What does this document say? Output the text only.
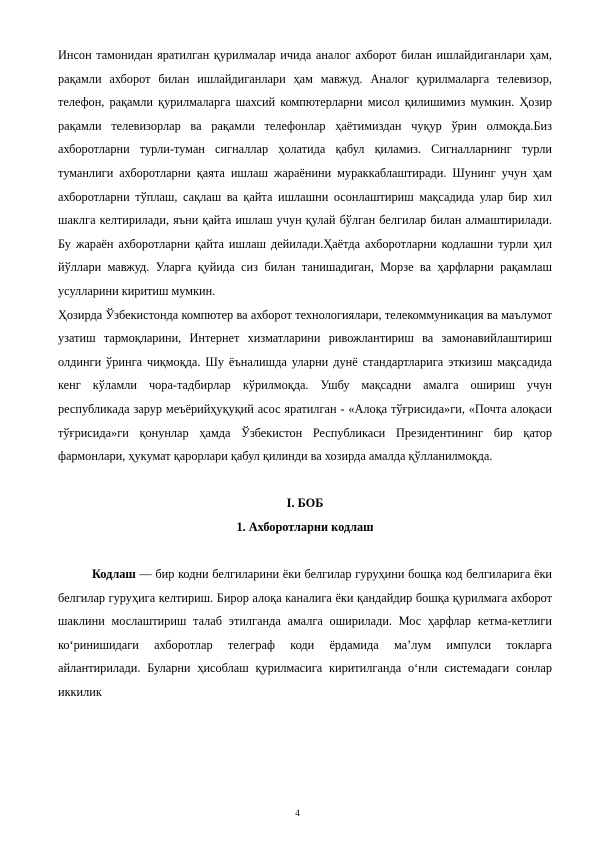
Инсон тамонидан яратилган қурилмалар ичида аналог ахборот билан ишлайдиганлари ҳам, рақамли ахборот билан ишлайдиганлари ҳам мавжуд. Аналог қурилмаларга телевизор, телефон, рақамли қурилмаларга шахсий компютерларни мисол қилишимиз мумкин. Ҳозир рақамли телевизорлар ва рақамли телефонлар ҳаётимиздан чуқур ўрин олмоқда.Биз ахборотларни турли-туман сигналлар ҳолатида қабул қиламиз. Сигналларнинг турли туманлиги ахборотларни қаята ишлаш жараёнини мураккаблаштиради. Шунинг учун ҳам ахборотларни тўплаш, сақлаш ва қайта ишлашни осонлаштириш мақсадида улар бир хил шаклга келтирилади, яъни қайта ишлаш учун қулай бўлган белгилар билан алмаштирилади. Бу жараён ахборотларни қайта ишлаш дейилади.Ҳаётда ахборотларни кодлашни турли ҳил йўллари мавжуд. Уларга қуйида сиз билан танишадиган, Морзе ва ҳарфларни рақамлаш усулларини киритиш мумкин.

Ҳозирда Ўзбекистонда компютер ва ахборот технологиялари, телекоммуникация ва маълумот узатиш тармоқларини, Интернет хизматларини ривожлантириш ва замонавийлаштириш олдинги ўринга чиқмоқда. Шу ёъналишда уларни дунё стандартларига эткизиш мақсадида кенг кўламли чора-тадбирлар кўрилмоқда. Ушбу мақсадни амалга ошириш учун республикада зарур меъёрийҳуқуқий асос яратилган - «Алоқа тўғрисида»ги, «Почта алоқаси тўғрисида»ги қонунлар ҳамда Ўзбекистон Республикаси Президентининг бир қатор фармонлари, ҳукумат қарорлари қабул қилинди ва хозирда амалда қўлланилмоқда.

I. БОБ

1. Ахборотларни кодлаш

Кодлаш — бир кодни белгиларини ёки белгилар гуруҳини бошқа код белгиларига ёки белгилар гуруҳига келтириш. Бирор алоқа каналига ёки қандайдир бошқа қурилмага ахборот шаклини мослаштириш талаб этилганда амалга оширилади. Мос ҳарфлар кетма-кетлиги коʻринишидаги ахборотлар телеграф коди ёрдамида маʼлум импулси токларга айлантирилади. Буларни ҳисоблаш қурилмасига киритилганда оʻнли системадаги сонлар иккилик

4
